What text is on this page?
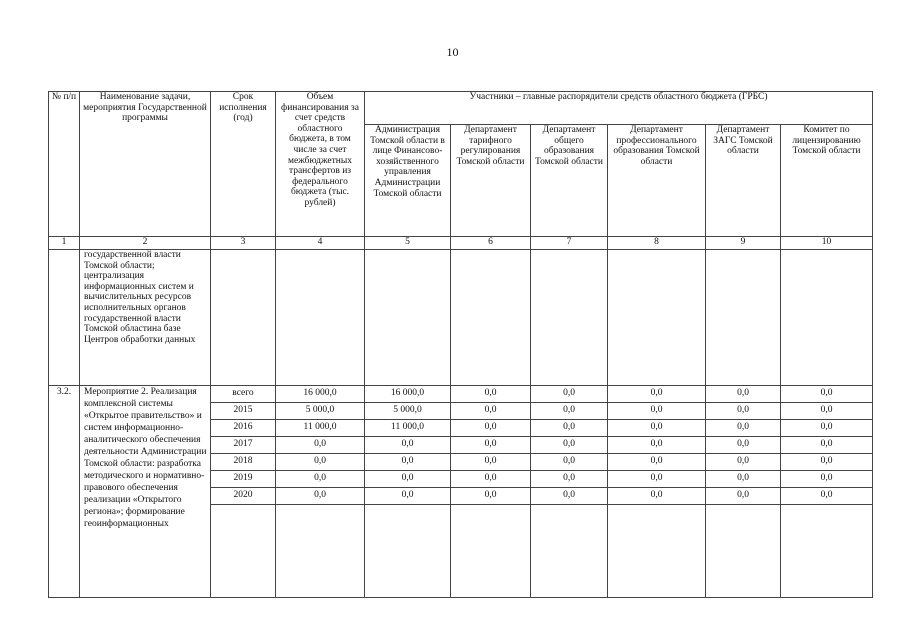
10
№ п/п	Наименование задачи, мероприятия Государственной программы	Срок исполнения (год)	Объем финансирования за счет средств областного бюджета, в том числе за счет межбюджетных трансфертов из федерального бюджета (тыс. рублей)	Участники – главные распорядители средств областного бюджета (ГРБС)					
				Администрация Томской области в лице Финансово-хозяйственного управления Администрации Томской области	Департамент тарифного регулирования Томской области	Департамент общего образования Томской области	Департамент профессионального образования Томской области	Департамент ЗАГС Томской области	Комитет по лицензированию Томской области
1	2	3	4	5	6	7	8	9	10
	государственной власти Томской области; централизация информационных систем и вычислительных ресурсов исполнительных органов государственной власти Томской областина базе Центров обработки данных								
3.2.	Мероприятие 2. Реализация комплексной системы «Открытое правительство» и систем информационно-аналитического обеспечения деятельности Администрации Томской области: разработка методического и нормативно-правового обеспечения реализации «Открытого региона»; формирование геоинформационных	всего	16 000,0	16 000,0	0,0	0,0	0,0	0,0	0,0
		2015	5 000,0	5 000,0	0,0	0,0	0,0	0,0	0,0
		2016	11 000,0	11 000,0	0,0	0,0	0,0	0,0	0,0
		2017	0,0	0,0	0,0	0,0	0,0	0,0	0,0
		2018	0,0	0,0	0,0	0,0	0,0	0,0	0,0
		2019	0,0	0,0	0,0	0,0	0,0	0,0	0,0
		2020	0,0	0,0	0,0	0,0	0,0	0,0	0,0
